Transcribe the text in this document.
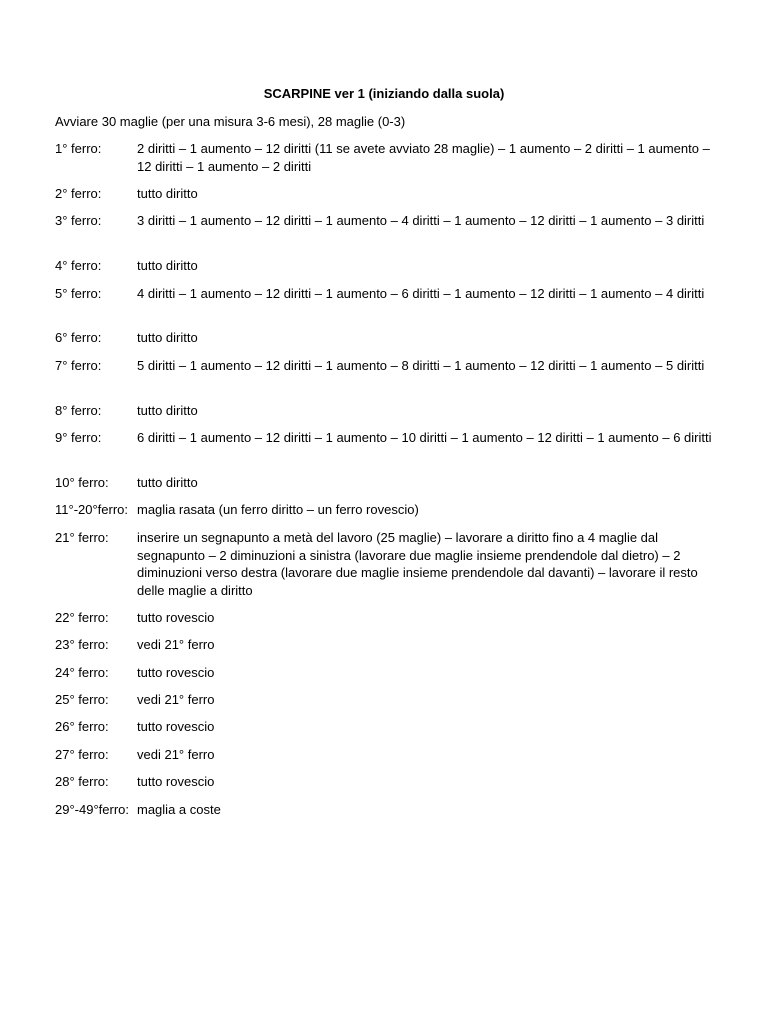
SCARPINE ver 1 (iniziando dalla suola)
Avviare 30 maglie (per una misura 3-6 mesi), 28 maglie (0-3)
1° ferro:	2 diritti – 1 aumento – 12 diritti (11 se avete avviato 28 maglie) – 1 aumento – 2 diritti – 1 aumento – 12 diritti – 1 aumento – 2 diritti
2° ferro:	tutto diritto
3° ferro:	3 diritti – 1 aumento – 12 diritti – 1 aumento – 4 diritti – 1 aumento – 12 diritti – 1 aumento – 3 diritti
4° ferro:	tutto diritto
5° ferro:	4 diritti – 1 aumento – 12 diritti – 1 aumento – 6 diritti – 1 aumento – 12 diritti – 1 aumento – 4 diritti
6° ferro:	tutto diritto
7° ferro:	5 diritti – 1 aumento – 12 diritti – 1 aumento – 8 diritti – 1 aumento – 12 diritti – 1 aumento – 5 diritti
8° ferro:	tutto diritto
9° ferro:	6 diritti – 1 aumento – 12 diritti – 1 aumento – 10 diritti – 1 aumento – 12 diritti – 1 aumento – 6 diritti
10° ferro: tutto diritto
11°-20°ferro: maglia rasata (un ferro diritto – un ferro rovescio)
21° ferro: inserire un segnapunto a metà del lavoro (25 maglie) – lavorare a diritto fino a 4 maglie dal segnapunto – 2 diminuzioni a sinistra (lavorare due maglie insieme prendendole dal dietro) – 2 diminuzioni verso destra (lavorare due maglie insieme prendendole dal davanti) – lavorare il resto delle maglie a diritto
22° ferro: tutto rovescio
23° ferro: vedi 21° ferro
24° ferro: tutto rovescio
25° ferro: vedi 21° ferro
26° ferro: tutto rovescio
27° ferro: vedi 21° ferro
28° ferro: tutto rovescio
29°-49°ferro: maglia a coste
